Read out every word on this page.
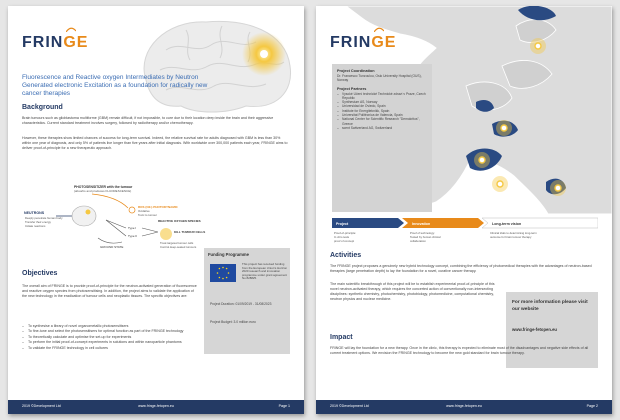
FRINGE
Fluorescence and Reactive oxygen Intermediates by Neutron Generated electronic Excitation as a foundation for radically new cancer therapies
Background
Brain tumours such as glioblastoma multiforme (GBM) remain difficult, if not impossible, to cure due to their location deep inside the brain and their aggressive characteristics. Current standard treatment involves surgery, followed by radiotherapy and/or chemotherapy.
However, these therapies show limited chances of success for long-term survival. Indeed, the relative survival rate for adults diagnosed with GBM is less than 30% within one year of diagnosis, and only 5% of patients live longer than five years after initial diagnosis. With worldwide over 300,000 patients each year, FRINGE aims to deliver proof-of-principle for a new therapeutic approach.
PHOTOSENSITIZER with the tumour
(absorbs and produces FLUORESCENCE)
NEUTRONS
Deeply penetrate human body
Transfer their energy
Initiate reactions
ROS (O2•) PHOTODYNAMIC
Oxidative
Toxic to tumour
REACTIVE OXYGEN SPECIES
Type I
Type II
KILL TUMOUR CELLS
Treat targeted tumour cells
Control deep-seated tumours
GROUND STATE
Funding Programme
This project has received funding from the European Union's Horizon 2020 research and innovation programme under grant agreement No 828825.
Project Duration: 01/09/2019 - 31/08/2023
Project Budget: 3.0 million euro
Objectives
The overall aim of FRINGE is to provide proof-of-principle for the neutron-activated generation of fluorescence and reactive oxygen species from photosensitising. In addition, the project aims to validate the application of the new technology in the eradication of tumour cells and neoplastic tissues. The specific objectives are:
– To synthesise a library of novel organometallic photosensitisers
– To fine-tune and select the photosensitisers for optimal function as part of the FRINGE technology
– To theoretically calculate and optimise the set-up for experiments
– To perform the initial proof-of-concept experiments in solutions and within nanoparticle phantoms
– To validate the FRINGE technology in cell cultures
2019 ©Development Ltd	www.fringe-fetopen.eu	Page 1
FRINGE
Project Coordination
Dr. Francesco Tunzoulou, Oslo University Hospital (OUS), Norway
Project Partners
– Vysoké Učení technické Technické zdraví v Praze, Czech Republic
– Synthesium AS, Norway
– Universidad de Oviedo, Spain
– Institute for Energiteknikk, Spain
– Universitat Politècnica de Valencia, Spain
– National Center for Scientific Research "Demokritos", Greece
– scent Switzerland AG, Switzerland
Project	Innovation	Long-term vision
Proof-of-principle:
In vitro tests
proof of concept
Proof of technology:
Tested by human clinical
collaboration
Clinical trials to determining long-term
outcome for brain tumour therapy
Activities
The FRINGE project proposes a genuinely new hybrid technology concept, combining the efficiency of photomedical therapies with the advantages of neutron-based therapies (large penetration depth) to lay the foundation for a novel, curative cancer therapy.
The main scientific breakthrough of this project will be to establish experimental proof-of-principle of this novel neutron-activated therapy, which requires the concerted action of conventionally non-intersecting disciplines: synthetic chemistry, photochemistry, photobiology, photomedicine, computational chemistry, neutron physics and nuclear medicine.
For more information please visit our website
www.fringe-fetopen.eu
Impact
FRINGE will lay the foundation for a new therapy. Once in the clinic, this therapy is expected to eliminate most of the disadvantages and negative side effects of all current treatment options. We envision the FRINGE technology to become the new gold standard for brain tumour therapy.
2019 ©Development Ltd	www.fringe-fetopen.eu	Page 2
